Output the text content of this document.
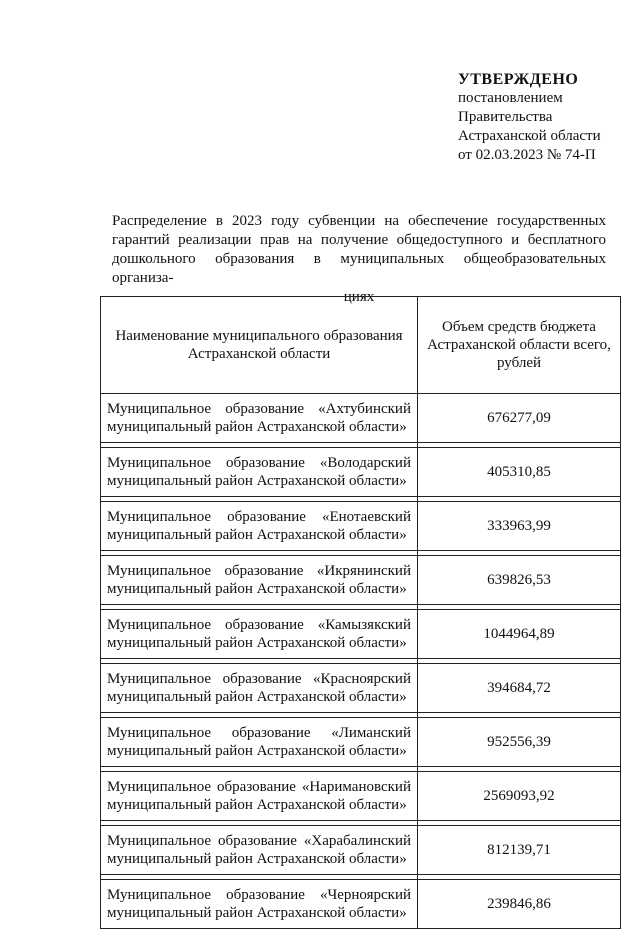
УТВЕРЖДЕНО
постановлением
Правительства
Астраханской области
от 02.03.2023 № 74-П
Распределение в 2023 году субвенции на обеспечение государственных гарантий реализации прав на получение общедоступного и бесплатного дошкольного образования в муниципальных общеобразовательных организа-
циях
Наименование муниципального образования Астраханской области	Объем средств бюджета Астраханской области всего, рублей
Муниципальное образование «Ахтубинский муниципальный район Астраханской области»	676277,09

Муниципальное образование «Володарский муниципальный район Астраханской области»	405310,85

Муниципальное образование «Енотаевский муниципальный район Астраханской области»	333963,99

Муниципальное образование «Икрянинский муниципальный район Астраханской области»	639826,53

Муниципальное образование «Камызякский муниципальный район Астраханской области»	1044964,89

Муниципальное образование «Красноярский муниципальный район Астраханской области»	394684,72

Муниципальное образование «Лиманский муниципальный район Астраханской области»	952556,39

Муниципальное образование «Наримановский муниципальный район Астраханской области»	2569093,92

Муниципальное образование «Харабалинский муниципальный район Астраханской области»	812139,71

Муниципальное образование «Черноярский муниципальный район Астраханской области»	239846,86
